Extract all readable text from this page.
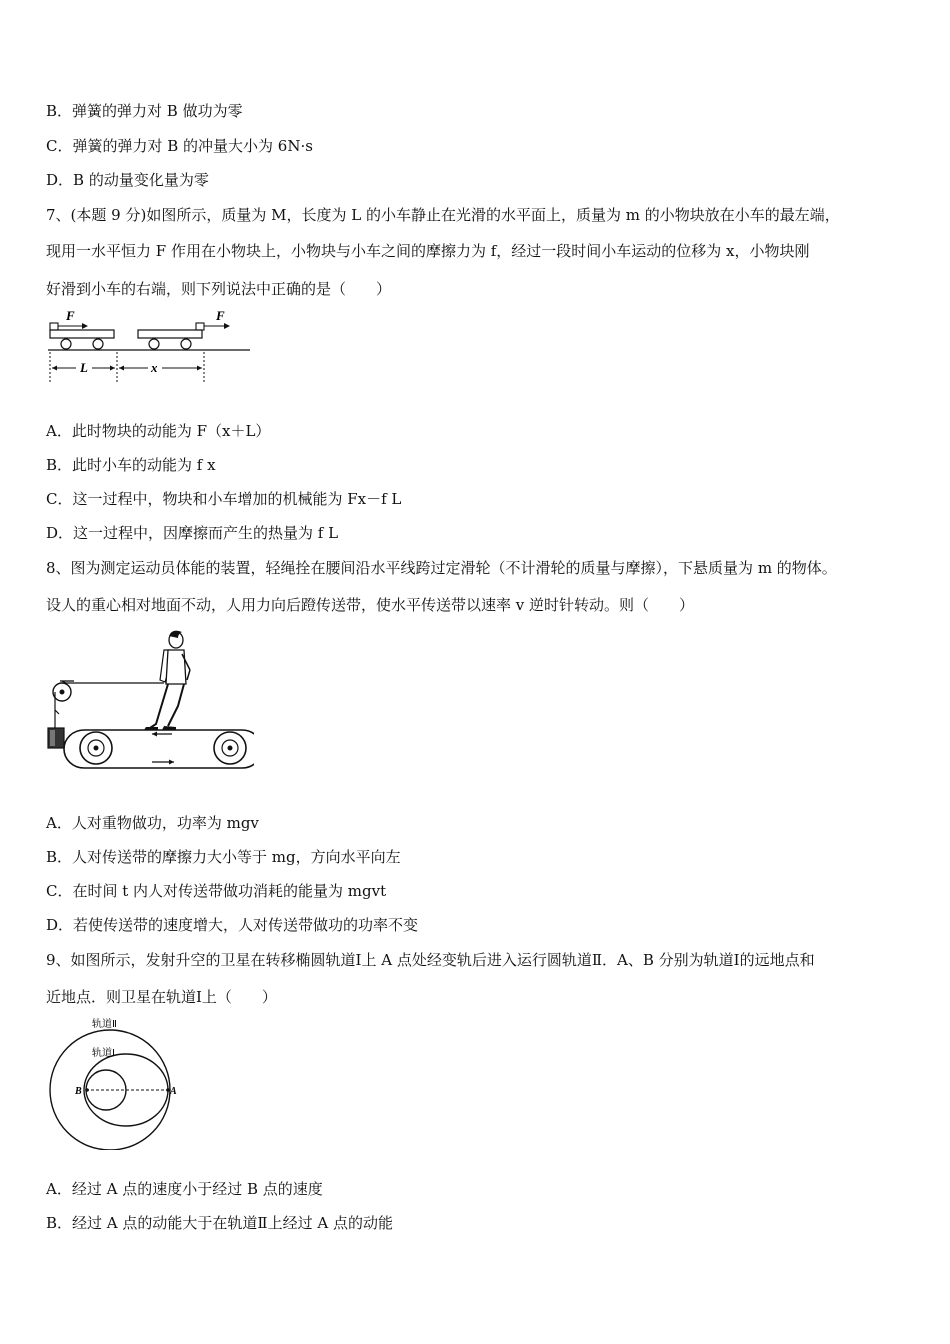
B．弹簧的弹力对 B 做功为零
C．弹簧的弹力对 B 的冲量大小为 6N·s
D．B 的动量变化量为零
7、(本题 9 分)如图所示，质量为 M，长度为 L 的小车静止在光滑的水平面上，质量为 m 的小物块放在小车的最左端，
现用一水平恒力 F 作用在小物块上，小物块与小车之间的摩擦力为 f，经过一段时间小车运动的位移为 x，小物块刚
好滑到小车的右端，则下列说法中正确的是（　　）
F	F
L	x
A．此时物块的动能为 F（x＋L）
B．此时小车的动能为 f x
C．这一过程中，物块和小车增加的机械能为 Fx－f L
D．这一过程中，因摩擦而产生的热量为 f L
8、图为测定运动员体能的装置，轻绳拴在腰间沿水平线跨过定滑轮（不计滑轮的质量与摩擦），下悬质量为 m 的物体。
设人的重心相对地面不动，人用力向后蹬传送带，使水平传送带以速率 v 逆时针转动。则（　　）
A．人对重物做功，功率为 mgv
B．人对传送带的摩擦力大小等于 mg，方向水平向左
C．在时间 t 内人对传送带做功消耗的能量为 mgvt
D．若使传送带的速度增大，人对传送带做功的功率不变
9、如图所示，发射升空的卫星在转移椭圆轨道Ⅰ上 A 点处经变轨后进入运行圆轨道Ⅱ．A、B 分别为轨道Ⅰ的远地点和
近地点．则卫星在轨道Ⅰ上（　　）
轨道Ⅱ
轨道Ⅰ
B	A
A．经过 A 点的速度小于经过 B 点的速度
B．经过 A 点的动能大于在轨道Ⅱ上经过 A 点的动能
